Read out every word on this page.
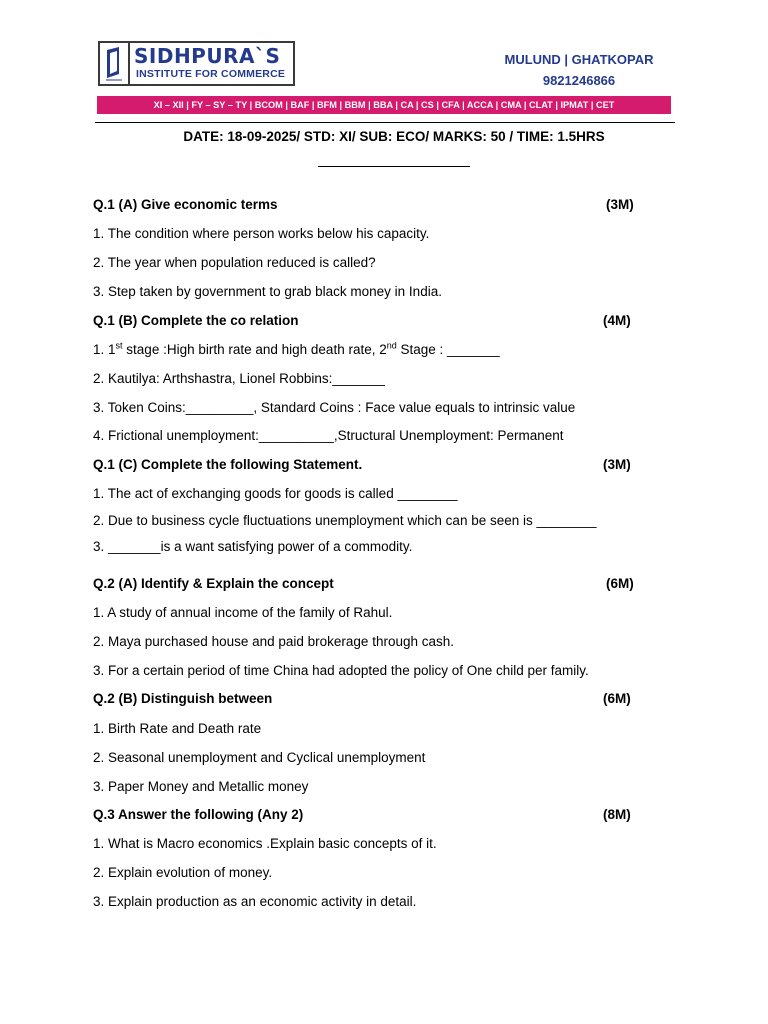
SIDHPURA`S
INSTITUTE FOR COMMERCE
MULUND | GHATKOPAR
9821246866
XI – XII | FY – SY – TY | BCOM | BAF | BFM | BBM | BBA | CA | CS | CFA | ACCA | CMA | CLAT | IPMAT | CET
DATE: 18-09-2025/ STD: XI/ SUB: ECO/ MARKS: 50 / TIME: 1.5HRS
Q.1 (A) Give economic terms	(3M)
1. The condition where person works below his capacity.
2. The year when population reduced is called?
3. Step taken by government to grab black money in India.
Q.1 (B) Complete the co relation	(4M)
1. 1st stage :High birth rate and high death rate, 2nd Stage : _______
2. Kautilya: Arthshastra, Lionel Robbins:_______
3. Token Coins:_________, Standard Coins : Face value equals to intrinsic value
4. Frictional unemployment:__________,Structural Unemployment: Permanent
Q.1 (C) Complete the following Statement.	(3M)
1. The act of exchanging goods for goods is called ________
2. Due to business cycle fluctuations unemployment which can be seen is ________
3. _______is a want satisfying power of a commodity.
Q.2 (A) Identify & Explain the concept	(6M)
1. A study of annual income of the family of Rahul.
2. Maya purchased house and paid brokerage through cash.
3. For a certain period of time China had adopted the policy of One child per family.
Q.2 (B) Distinguish between	(6M)
1. Birth Rate and Death rate
2. Seasonal unemployment and Cyclical unemployment
3. Paper Money and Metallic money
Q.3 Answer the following (Any 2)	(8M)
1. What is Macro economics .Explain basic concepts of it.
2. Explain evolution of money.
3. Explain production as an economic activity in detail.
